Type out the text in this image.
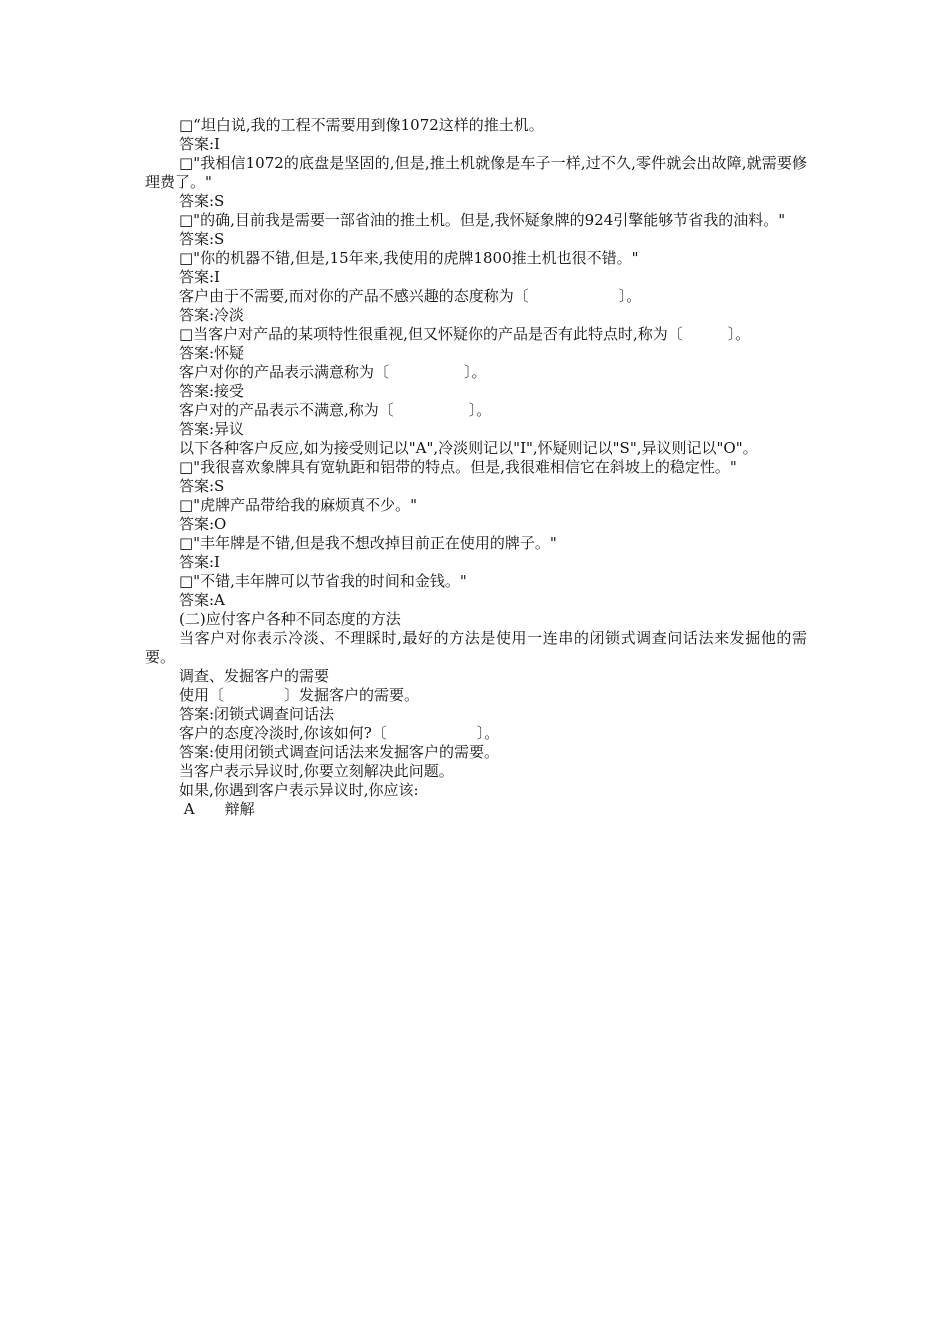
□“坦白说,我的工程不需要用到像1072这样的推土机。

答案:I

□"我相信1072的底盘是坚固的,但是,推土机就像是车子一样,过不久,零件就会出故障,就需要修理费了。"

答案:S

□"的确,目前我是需要一部省油的推土机。但是,我怀疑象牌的924引擎能够节省我的油料。"

答案:S

□"你的机器不错,但是,15年来,我使用的虎牌1800推土机也很不错。"

答案:I

客户由于不需要,而对你的产品不感兴趣的态度称为〔　　　　　　〕。

答案:冷淡

□当客户对产品的某项特性很重视,但又怀疑你的产品是否有此特点时,称为〔　　　〕。

答案:怀疑

客户对你的产品表示满意称为〔　　　　　〕。

答案:接受

客户对的产品表示不满意,称为〔　　　　　〕。

答案:异议

以下各种客户反应,如为接受则记以"A",冷淡则记以"I",怀疑则记以"S",异议则记以"O"。

□"我很喜欢象牌具有宽轨距和铝带的特点。但是,我很难相信它在斜坡上的稳定性。"

答案:S

□"虎牌产品带给我的麻烦真不少。"

答案:O

□"丰年牌是不错,但是我不想改掉目前正在使用的牌子。"

答案:I

□"不错,丰年牌可以节省我的时间和金钱。"

答案:A

(二)应付客户各种不同态度的方法

当客户对你表示冷淡、不理睬时,最好的方法是使用一连串的闭锁式调查问话法来发掘他的需要。

调查、发掘客户的需要

使用〔　　　　〕发掘客户的需要。

答案:闭锁式调查问话法

客户的态度冷淡时,你该如何?〔　　　　　　〕。

答案:使用闭锁式调查问话法来发掘客户的需要。

当客户表示异议时,你要立刻解决此问题。

如果,你遇到客户表示异议时,你应该:

A　　辩解
